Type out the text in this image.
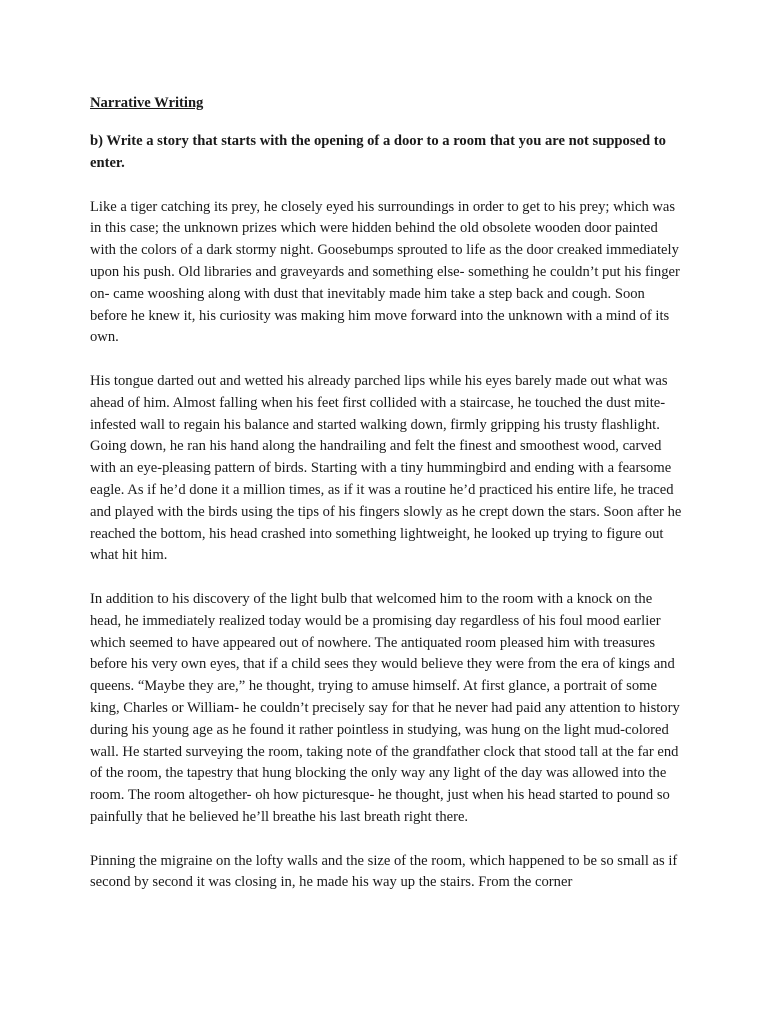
Narrative Writing

b) Write a story that starts with the opening of a door to a room that you are not supposed to enter.

Like a tiger catching its prey, he closely eyed his surroundings in order to get to his prey; which was in this case; the unknown prizes which were hidden behind the old obsolete wooden door painted with the colors of a dark stormy night. Goosebumps sprouted to life as the door creaked immediately upon his push. Old libraries and graveyards and something else- something he couldn’t put his finger on- came wooshing along with dust that inevitably made him take a step back and cough. Soon before he knew it, his curiosity was making him move forward into the unknown with a mind of its own.

His tongue darted out and wetted his already parched lips while his eyes barely made out what was ahead of him. Almost falling when his feet first collided with a staircase, he touched the dust mite-infested wall to regain his balance and started walking down, firmly gripping his trusty flashlight. Going down, he ran his hand along the handrailing and felt the finest and smoothest wood, carved with an eye-pleasing pattern of birds. Starting with a tiny hummingbird and ending with a fearsome eagle. As if he’d done it a million times, as if it was a routine he’d practiced his entire life, he traced and played with the birds using the tips of his fingers slowly as he crept down the stars. Soon after he reached the bottom, his head crashed into something lightweight, he looked up trying to figure out what hit him.

In addition to his discovery of the light bulb that welcomed him to the room with a knock on the head, he immediately realized today would be a promising day regardless of his foul mood earlier which seemed to have appeared out of nowhere. The antiquated room pleased him with treasures before his very own eyes, that if a child sees they would believe they were from the era of kings and queens. “Maybe they are,” he thought, trying to amuse himself. At first glance, a portrait of some king, Charles or William- he couldn’t precisely say for that he never had paid any attention to history during his young age as he found it rather pointless in studying, was hung on the light mud-colored wall. He started surveying the room, taking note of the grandfather clock that stood tall at the far end of the room, the tapestry that hung blocking the only way any light of the day was allowed into the room. The room altogether- oh how picturesque- he thought, just when his head started to pound so painfully that he believed he’ll breathe his last breath right there.

Pinning the migraine on the lofty walls and the size of the room, which happened to be so small as if second by second it was closing in, he made his way up the stairs. From the corner
